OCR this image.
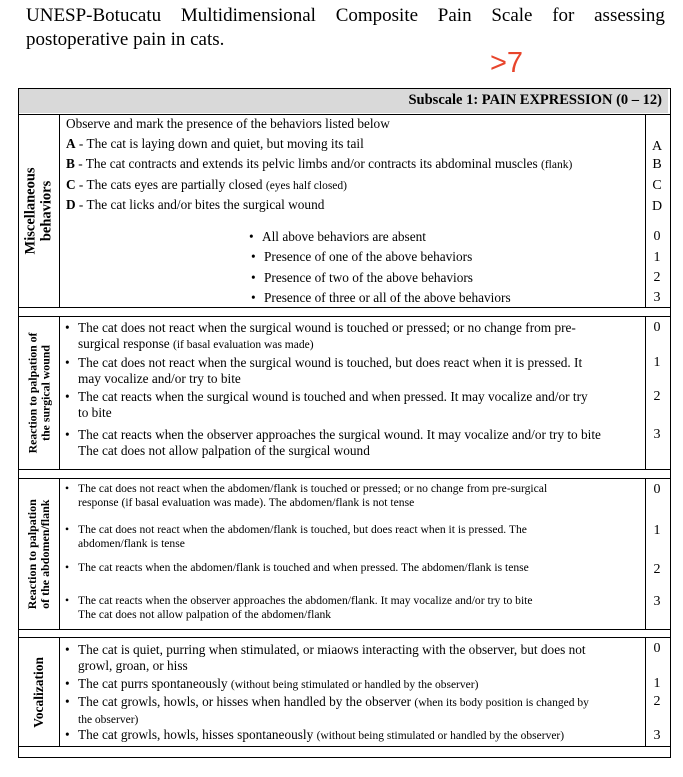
UNESP-Botucatu Multidimensional Composite Pain Scale for assessing
postoperative pain in cats.
>7
Subscale 1: PAIN EXPRESSION (0 – 12)
Miscellaneous behaviors
Observe and mark the presence of the behaviors listed below
A - The cat is laying down and quiet, but moving its tail
B - The cat contracts and extends its pelvic limbs and/or contracts its abdominal muscles (flank)
C - The cats eyes are partially closed (eyes half closed)
D - The cat licks and/or bites the surgical wound
• All above behaviors are absent
• Presence of one of the above behaviors
• Presence of two of the above behaviors
• Presence of three or all of the above behaviors
A
B
C
D
0
1
2
3
Reaction to palpation of
the surgical wound
• The cat does not react when the surgical wound is touched or pressed; or no change from pre-
surgical response (if basal evaluation was made)
• The cat does not react when the surgical wound is touched, but does react when it is pressed. It
may vocalize and/or try to bite
• The cat reacts when the surgical wound is touched and when pressed. It may vocalize and/or try
to bite
• The cat reacts when the observer approaches the surgical wound. It may vocalize and/or try to bite
The cat does not allow palpation of the surgical wound
0
1
2
3
Reaction to palpation of the abdomen/flank
• The cat does not react when the abdomen/flank is touched or pressed; or no change from pre-surgical
response (if basal evaluation was made). The abdomen/flank is not tense
• The cat does not react when the abdomen/flank is touched, but does react when it is pressed. The
abdomen/flank is tense
• The cat reacts when the abdomen/flank is touched and when pressed. The abdomen/flank is tense

• The cat reacts when the observer approaches the abdomen/flank. It may vocalize and/or try to bite
The cat does not allow palpation of the abdomen/flank
0
1
2
3
Vocalization
• The cat is quiet, purring when stimulated, or miaows interacting with the observer, but does not
growl, groan, or hiss
• The cat purrs spontaneously (without being stimulated or handled by the observer)
• The cat growls, howls, or hisses when handled by the observer (when its body position is changed by
the observer)
• The cat growls, howls, hisses spontaneously (without being stimulated or handled by the observer)
0
1
2
3
